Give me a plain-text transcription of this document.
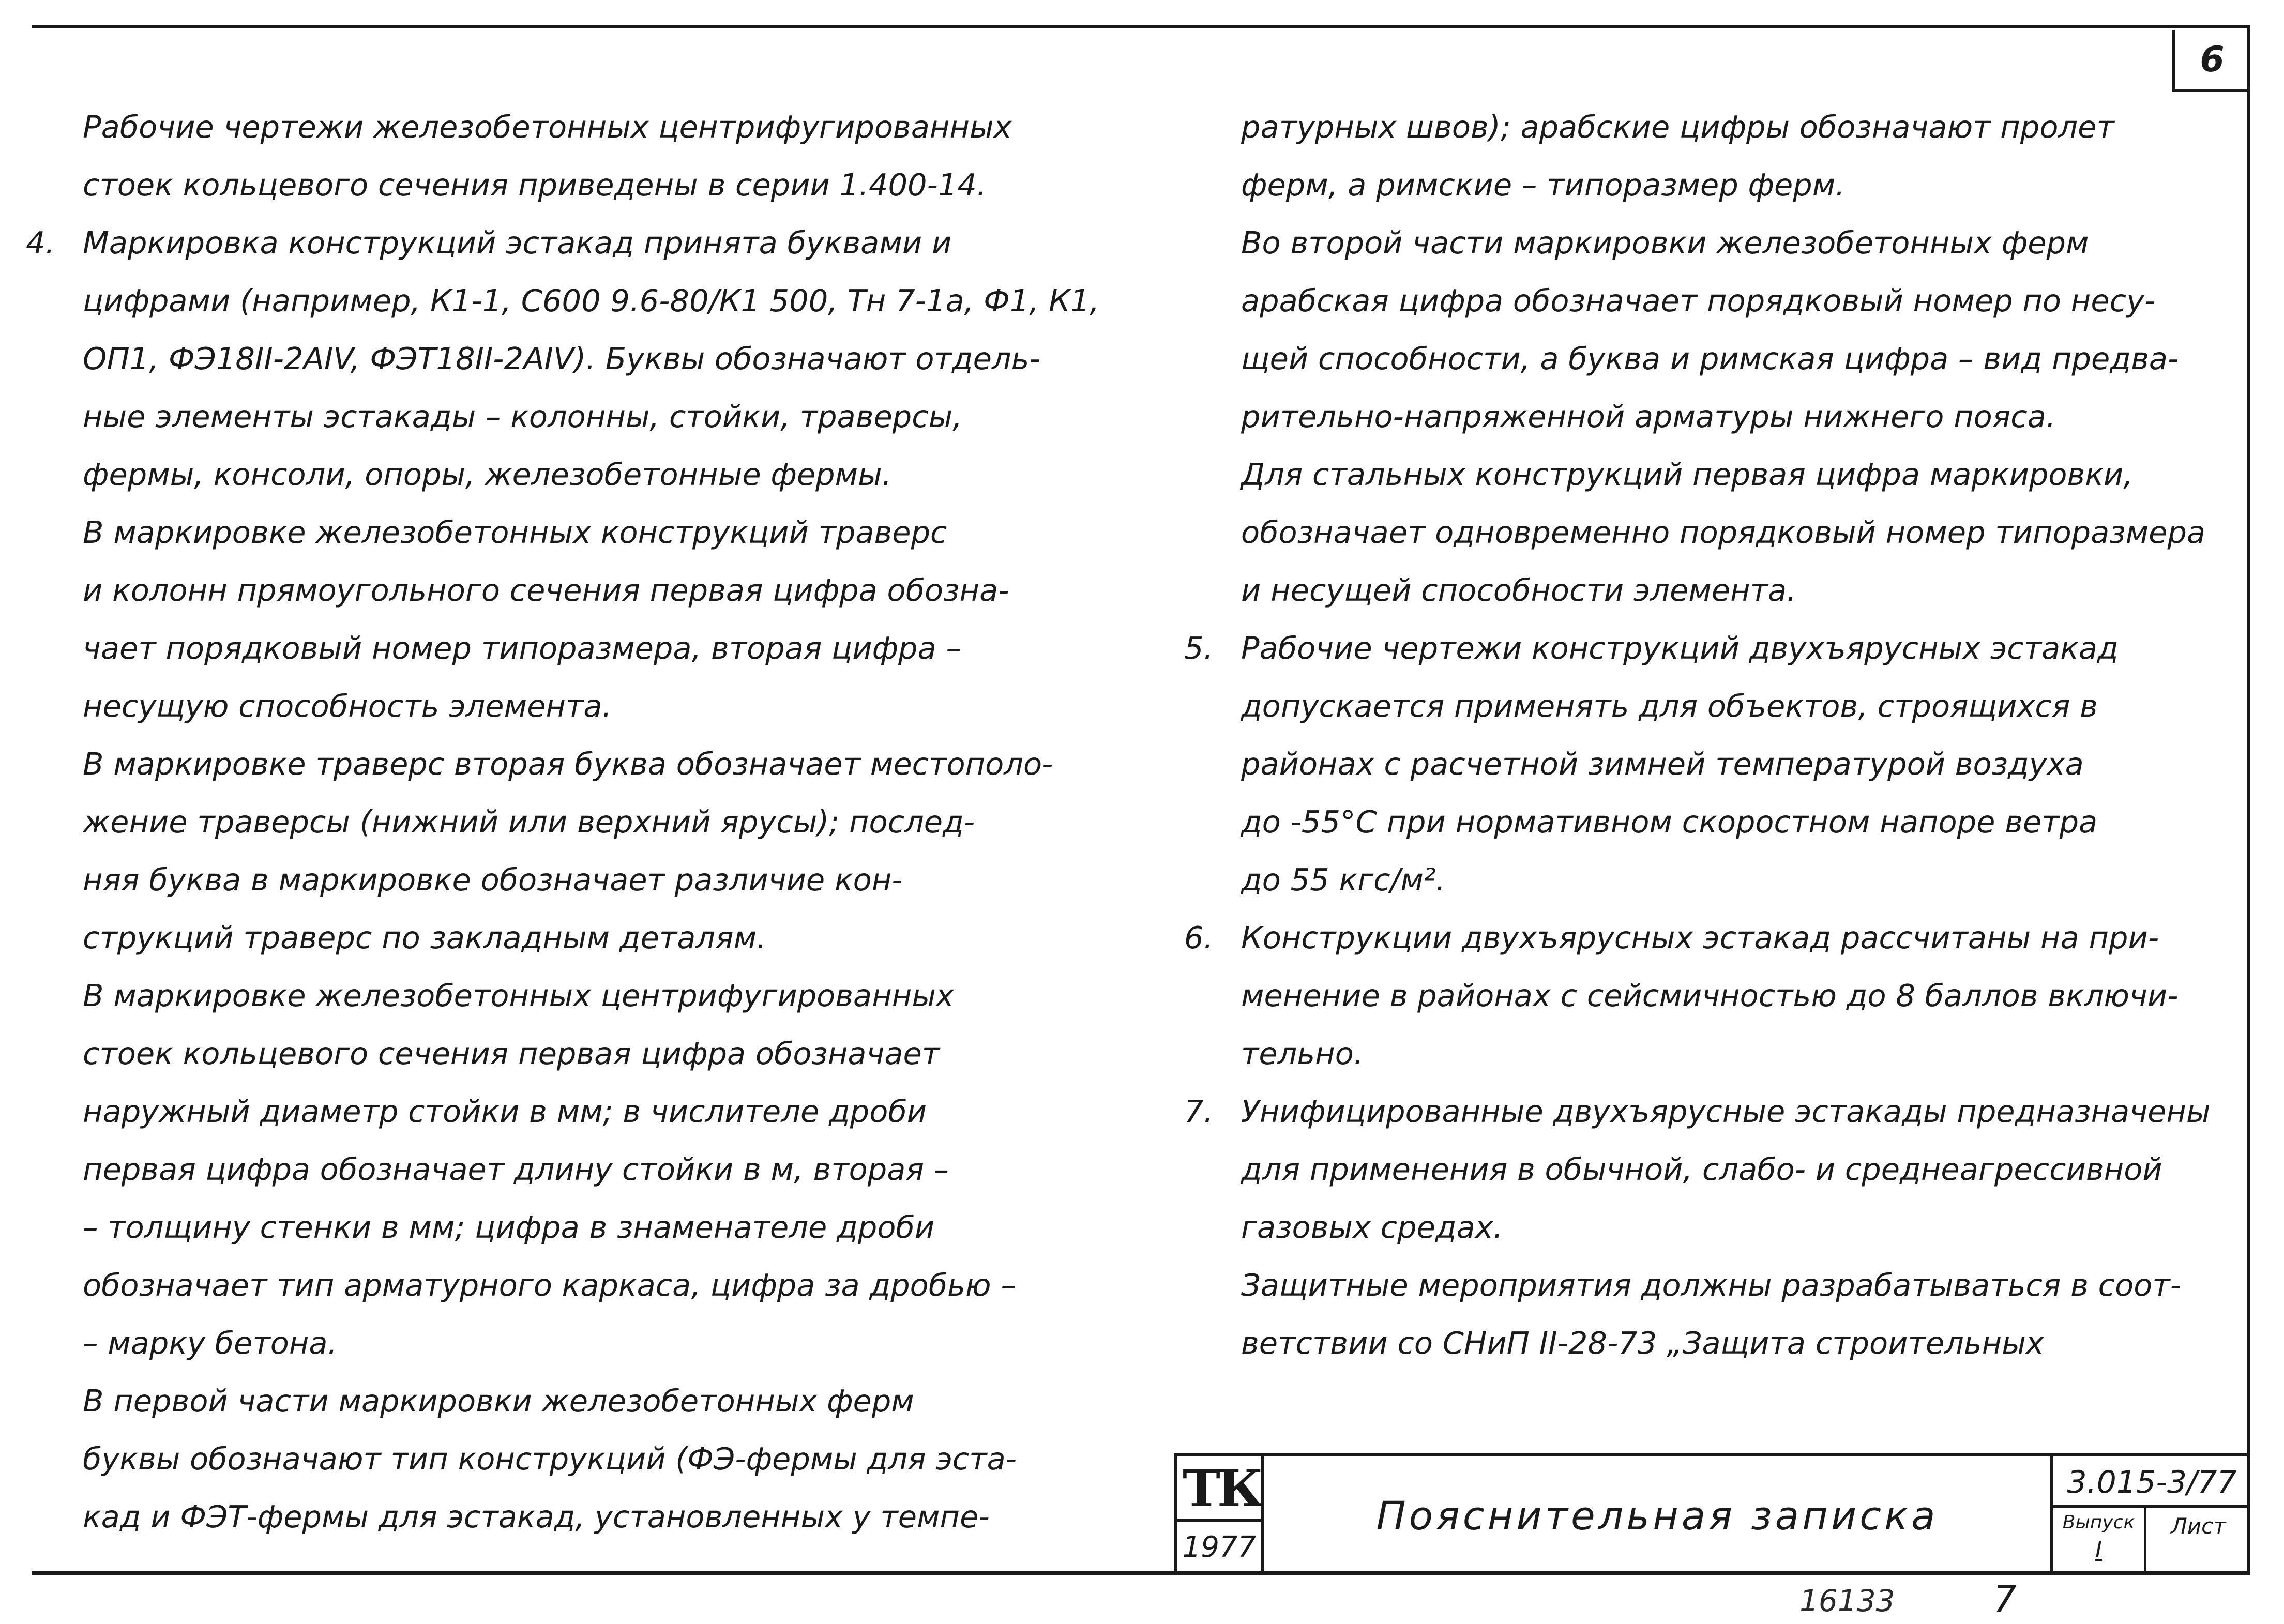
6

Рабочие чертежи железобетонных центрифугированных

стоек кольцевого сечения приведены в серии 1.400-14.

4. Маркировка конструкций эстакад принята буквами и

цифрами (например, К1-1, С600 9.6-80/К1 500, Тн 7-1а, Ф1, К1,

ОП1, ФЭ18II-2АIV, ФЭТ18II-2АIV). Буквы обозначают отдель-

ные элементы эстакады – колонны, стойки, траверсы,

фермы, консоли, опоры, железобетонные фермы.

В маркировке железобетонных конструкций траверс

и колонн прямоугольного сечения первая цифра обозна-

чает порядковый номер типоразмера, вторая цифра –

несущую способность элемента.

В маркировке траверс вторая буква обозначает местополо-

жение траверсы (нижний или верхний ярусы); послед-

няя буква в маркировке обозначает различие кон-

струкций траверс по закладным деталям.

В маркировке железобетонных центрифугированных

стоек кольцевого сечения первая цифра обозначает

наружный диаметр стойки в мм; в числителе дроби

первая цифра обозначает длину стойки в м, вторая –

– толщину стенки в мм; цифра в знаменателе дроби

обозначает тип арматурного каркаса, цифра за дробью –

– марку бетона.

В первой части маркировки железобетонных ферм

буквы обозначают тип конструкций (ФЭ-фермы для эста-

кад и ФЭТ-фермы для эстакад, установленных у темпе-

ратурных швов); арабские цифры обозначают пролет

ферм, а римские – типоразмер ферм.

Во второй части маркировки железобетонных ферм

арабская цифра обозначает порядковый номер по несу-

щей способности, а буква и римская цифра – вид предва-

рительно-напряженной арматуры нижнего пояса.

Для стальных конструкций первая цифра маркировки,

обозначает одновременно порядковый номер типоразмера

и несущей способности элемента.

5. Рабочие чертежи конструкций двухъярусных эстакад

допускается применять для объектов, строящихся в

районах с расчетной зимней температурой воздуха

до -55°С при нормативном скоростном напоре ветра

до 55 кгс/м².

6. Конструкции двухъярусных эстакад рассчитаны на при-

менение в районах с сейсмичностью до 8 баллов включи-

тельно.

7. Унифицированные двухъярусные эстакады предназначены

для применения в обычной, слабо- и среднеагрессивной

газовых средах.

Защитные мероприятия должны разрабатываться в соот-

ветствии со СНиП II-28-73 „Защита строительных

ТК
1977
Пояснительная записка
3.015-3/77
Выпуск
I
Лист
16133	7
